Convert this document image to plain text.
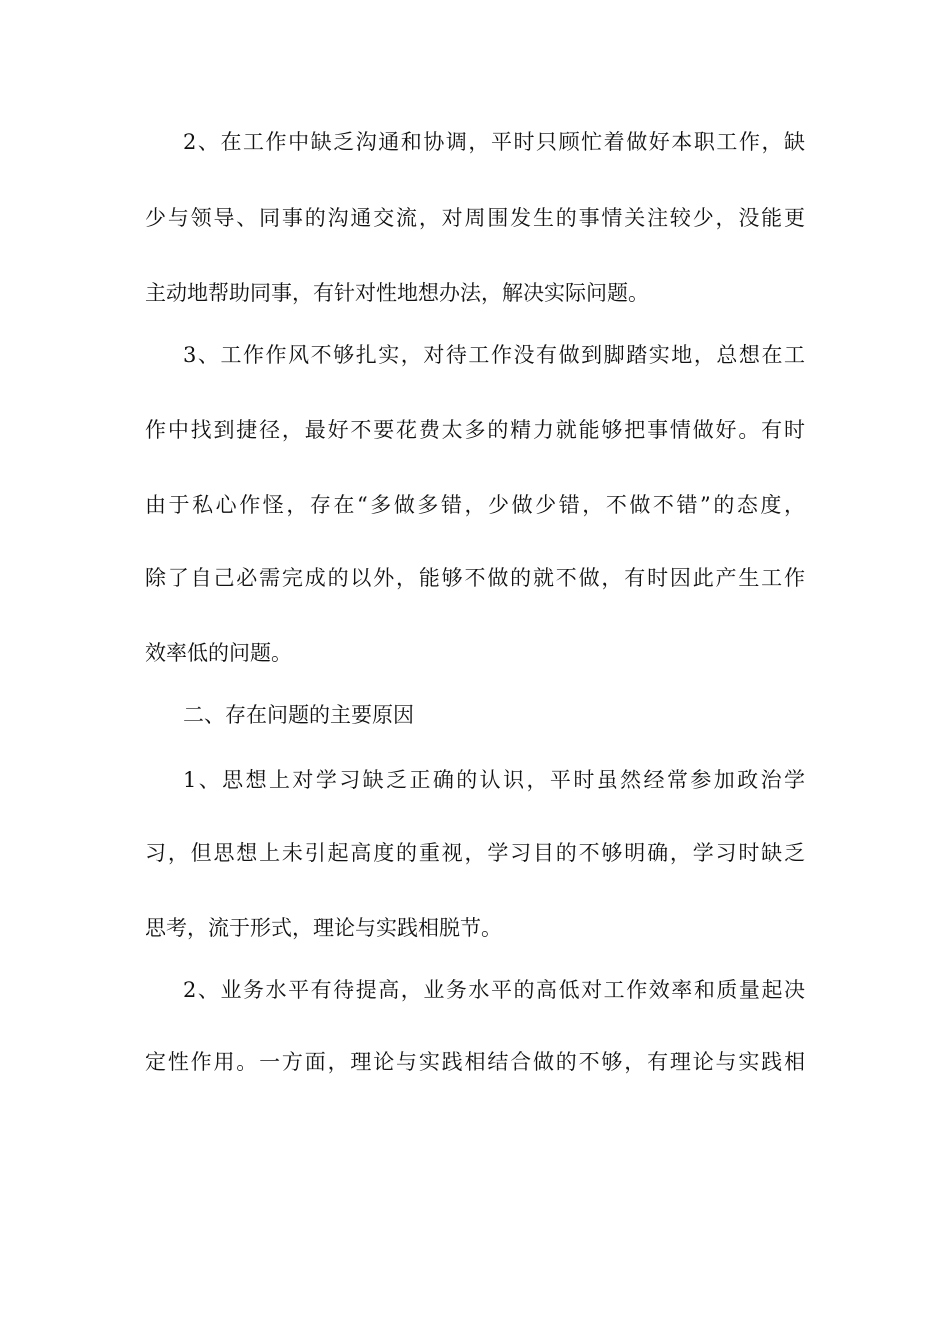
2、在工作中缺乏沟通和协调，平时只顾忙着做好本职工作，缺
少与领导、同事的沟通交流，对周围发生的事情关注较少，没能更
主动地帮助同事，有针对性地想办法，解决实际问题。
3、工作作风不够扎实，对待工作没有做到脚踏实地，总想在工
作中找到捷径，最好不要花费太多的精力就能够把事情做好。有时
由于私心作怪，存在“多做多错，少做少错，不做不错”的态度，
除了自己必需完成的以外，能够不做的就不做，有时因此产生工作
效率低的问题。
二、存在问题的主要原因
1、思想上对学习缺乏正确的认识，平时虽然经常参加政治学
习，但思想上未引起高度的重视，学习目的不够明确，学习时缺乏
思考，流于形式，理论与实践相脱节。
2、业务水平有待提高，业务水平的高低对工作效率和质量起决
定性作用。一方面，理论与实践相结合做的不够，有理论与实践相
